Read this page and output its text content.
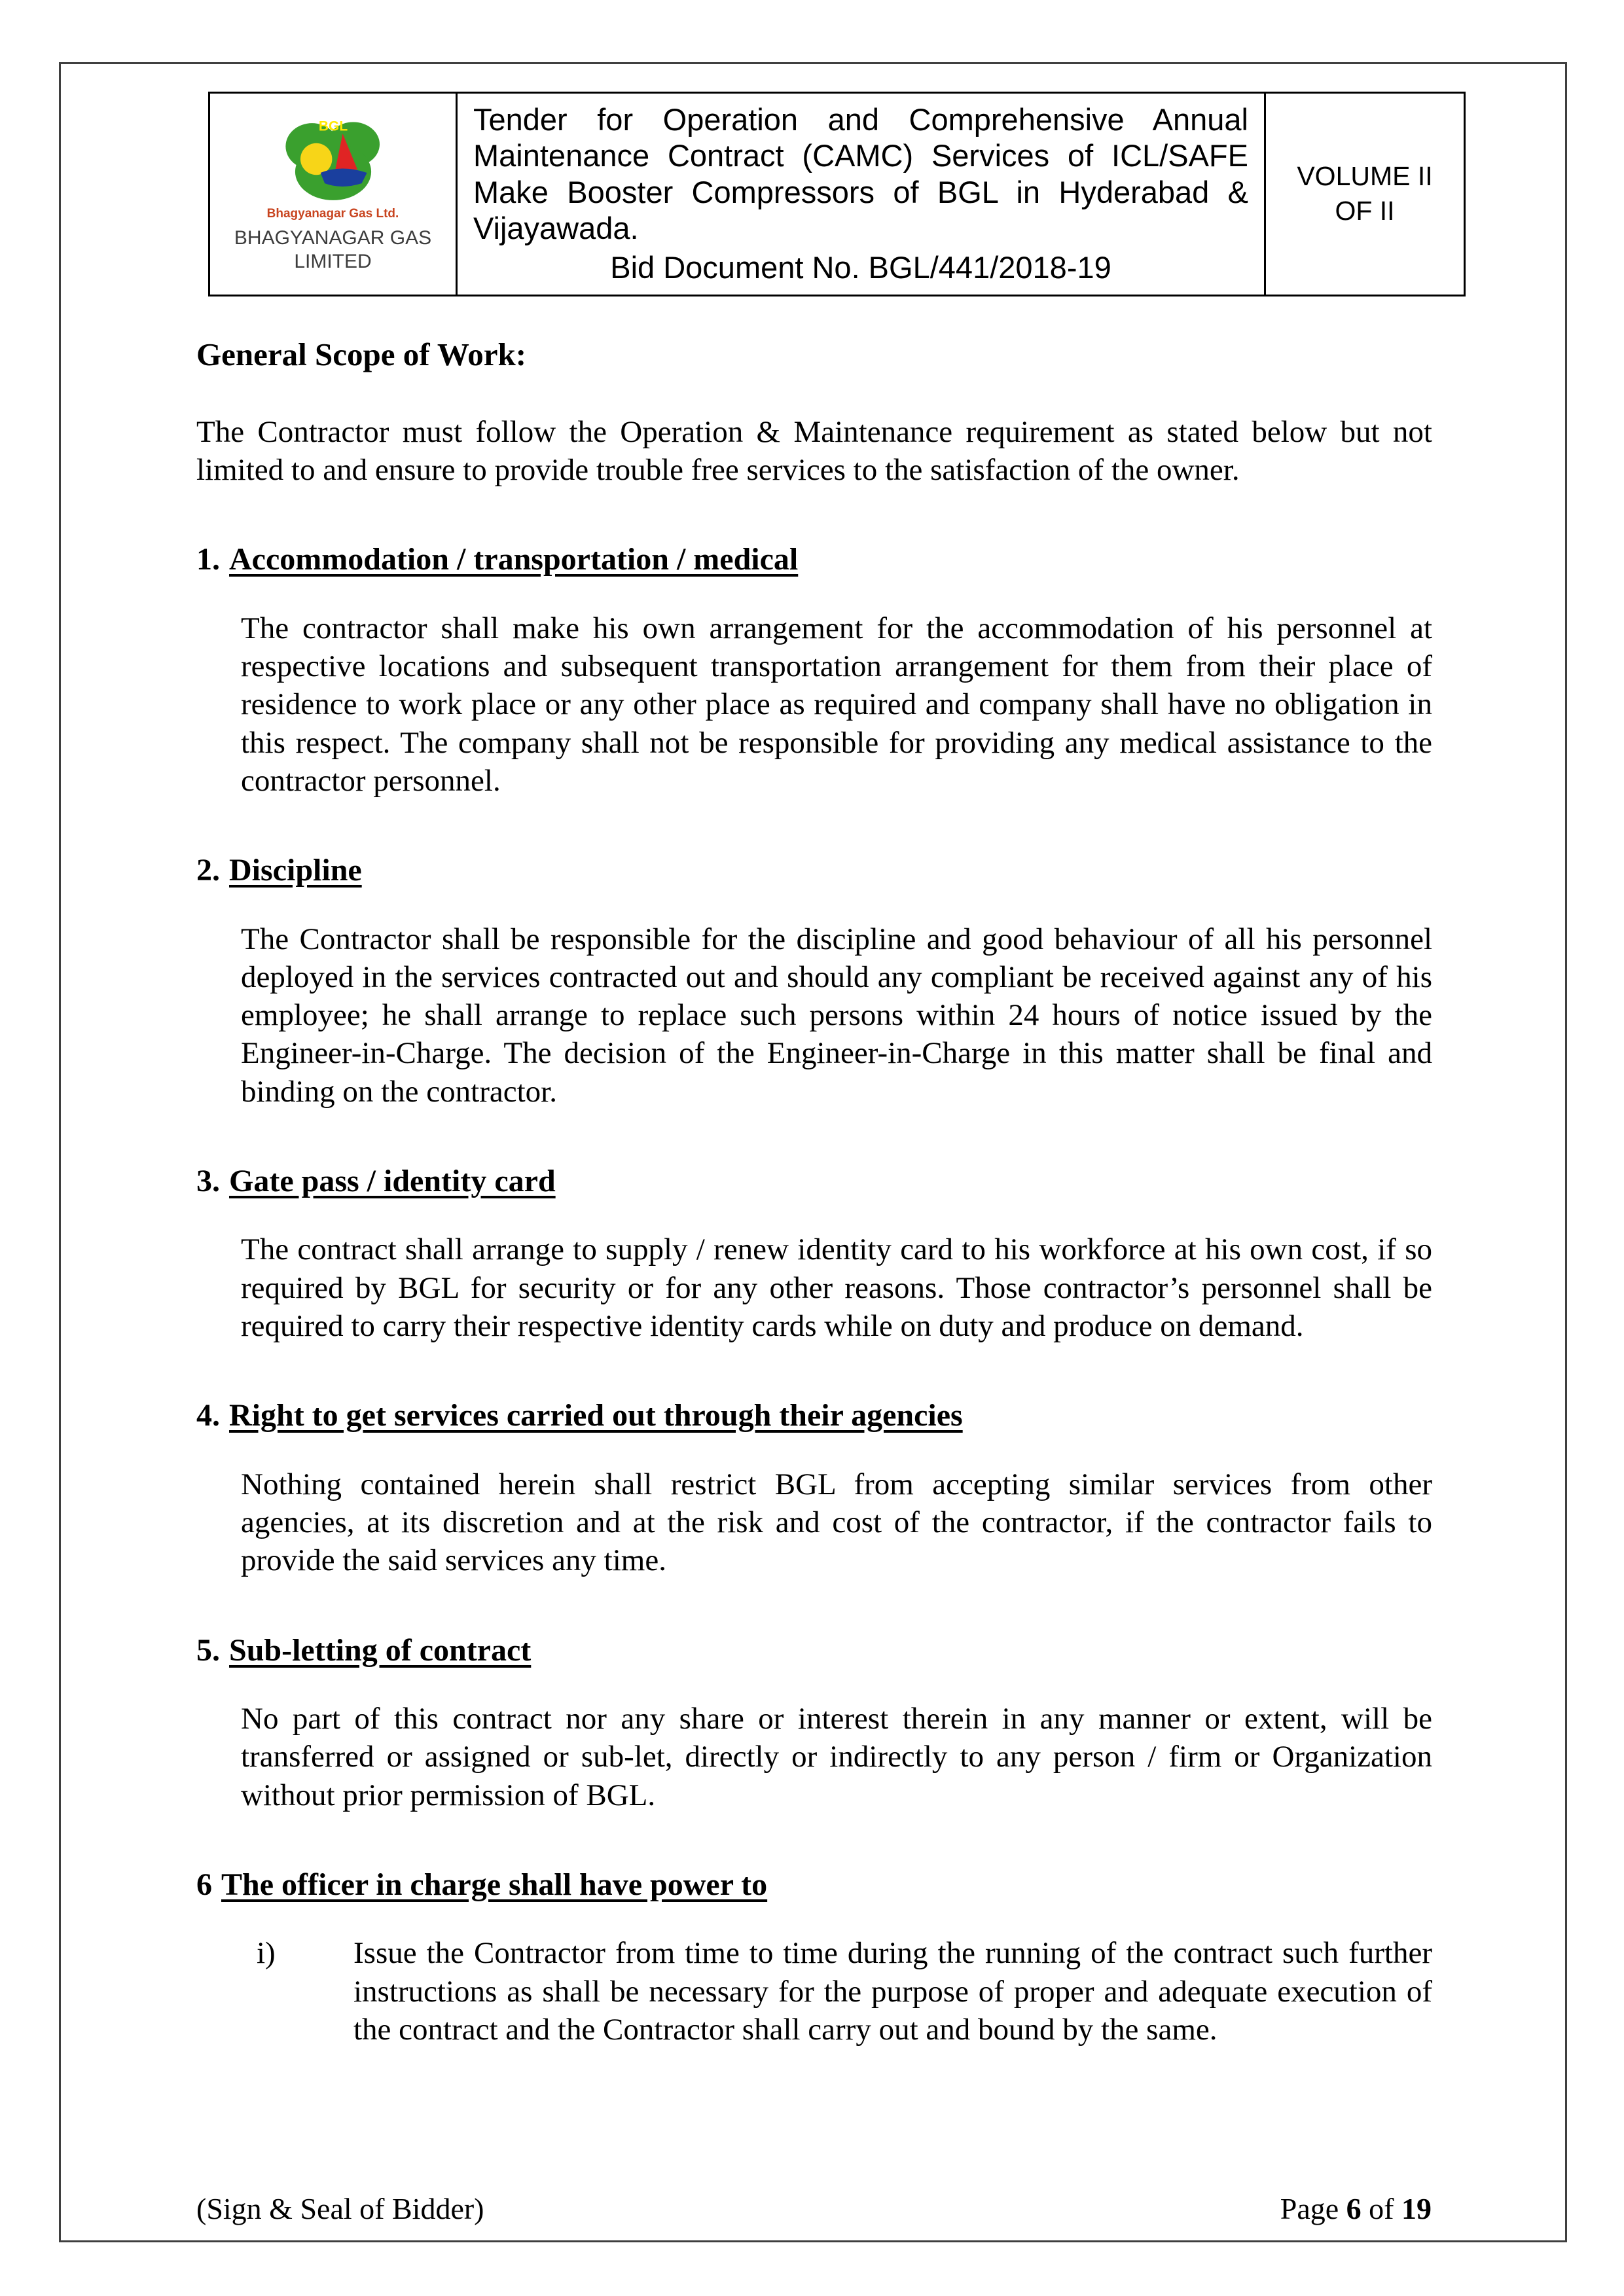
BGL
Bhagyanagar Gas Ltd.
BHAGYANAGAR GAS
LIMITED
Tender for Operation and Comprehensive Annual Maintenance Contract (CAMC) Services of ICL/SAFE Make Booster Compressors of BGL in Hyderabad & Vijayawada.
Bid Document No. BGL/441/2018-19
VOLUME II
OF II
General Scope of Work:

The Contractor must follow the Operation & Maintenance requirement as stated below but not limited to and ensure to provide trouble free services to the satisfaction of the owner.

1. Accommodation / transportation / medical

The contractor shall make his own arrangement for the accommodation of his personnel at respective locations and subsequent transportation arrangement for them from their place of residence to work place or any other place as required and company shall have no obligation in this respect. The company shall not be responsible for providing any medical assistance to the contractor personnel.

2. Discipline

The Contractor shall be responsible for the discipline and good behaviour of all his personnel deployed in the services contracted out and should any compliant be received against any of his employee; he shall arrange to replace such persons within 24 hours of notice issued by the Engineer-in-Charge. The decision of the Engineer-in-Charge in this matter shall be final and binding on the contractor.

3. Gate pass / identity card

The contract shall arrange to supply / renew identity card to his workforce at his own cost, if so required by BGL for security or for any other reasons. Those contractor’s personnel shall be required to carry their respective identity cards while on duty and produce on demand.

4. Right to get services carried out through their agencies

Nothing contained herein shall restrict BGL from accepting similar services from other agencies, at its discretion and at the risk and cost of the contractor, if the contractor fails to provide the said services any time.

5. Sub-letting of contract

No part of this contract nor any share or interest therein in any manner or extent, will be transferred or assigned or sub-let, directly or indirectly to any person / firm or Organization without prior permission of BGL.

6 The officer in charge shall have power to
i)	Issue the Contractor from time to time during the running of the contract such further instructions as shall be necessary for the purpose of proper and adequate execution of the contract and the Contractor shall carry out and bound by the same.

(Sign & Seal of Bidder)	Page 6 of 19
